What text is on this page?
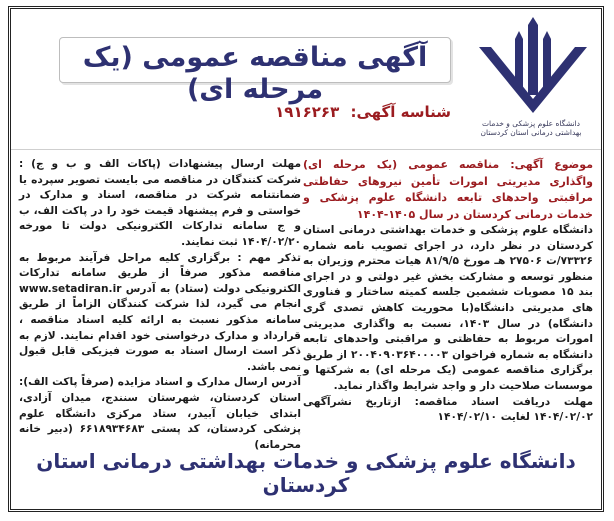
دانشگاه علوم پزشکی و خدمات بهداشتی درمانی استان کردستان
آگهی مناقصه عمومی (یک مرحله ای)
شناسه آگهی: ۱۹۱۶۲۶۳

موضوع آگهی: مناقصه عمومی (یک مرحله ای) واگذاری مدیریتی امورات تأمین نیروهای حفاظتی مراقبتی واحدهای تابعه دانشگاه علوم پزشکی و خدمات درمانی کردستان در سال ۱۴۰۵-۱۴۰۴

دانشگاه علوم پزشکی و خدمات بهداشتی درمانی استان کردستان در نظر دارد، در اجرای تصویب نامه شماره ۷۳۳۲۶/ت ۲۷۵۰۶ هـ مورخ ۸۱/۹/۵ هیات محترم وزیران به منظور توسعه و مشارکت بخش غیر دولتی و در اجرای بند ۱۵ مصوبات ششمین جلسه کمیته ساختار و فناوری های مدیریتی دانشگاه(با محوریت کاهش تصدی گری دانشگاه) در سال ۱۴۰۳، نسبت به واگذاری مدیریتی امورات مربوط به حفاظتی و مراقبتی واحدهای تابعه دانشگاه به شماره فراخوان ۲۰۰۴۰۹۰۳۶۴۰۰۰۰۳ از طریق برگزاری مناقصه عمومی (یک مرحله ای) به شرکتها و موسسات صلاحیت دار و واجد شرایط واگذار نماید.

مهلت دریافت اسناد مناقصه: ازتاریخ نشرآگهی ۱۴۰۴/۰۲/۰۲ لغایت ۱۴۰۴/۰۲/۱۰

مهلت ارسال پیشنهادات (پاکات الف و ب و ج) : شرکت کنندگان در مناقصه می بایست تصویر سپرده یا ضمانتنامه شرکت در مناقصه، اسناد و مدارک در خواستی و فرم پیشنهاد قیمت خود را در پاکت الف، ب و ج سامانه تدارکات الکترونیکی دولت تا مورخه ۱۴۰۴/۰۲/۲۰ ثبت نمایند.

تذکر مهم : برگزاری کلیه مراحل فرآیند مربوط به مناقصه مذکور صرفاً از طریق سامانه تدارکات الکترونیکی دولت (ستاد) به آدرس www.setadiran.ir انجام می گیرد، لذا شرکت کنندگان الزاماً از طریق سامانه مذکور نسبت به ارائه کلیه اسناد مناقصه ، قرارداد و مدارک درخواستی خود اقدام نمایند. لازم به ذکر است ارسال اسناد به صورت فیزیکی قابل قبول نمی باشد.

آدرس ارسال مدارک و اسناد مزایده (صرفاً پاکت الف): استان کردستان، شهرستان سنندج، میدان آزادی، ابتدای خیابان آبیدر، ستاد مرکزی دانشگاه علوم پزشکی کردستان، کد پستی ۶۶۱۸۹۳۴۶۸۳ (دبیر خانه محرمانه)

دانشگاه علوم پزشکی و خدمات بهداشتی درمانی استان کردستان
